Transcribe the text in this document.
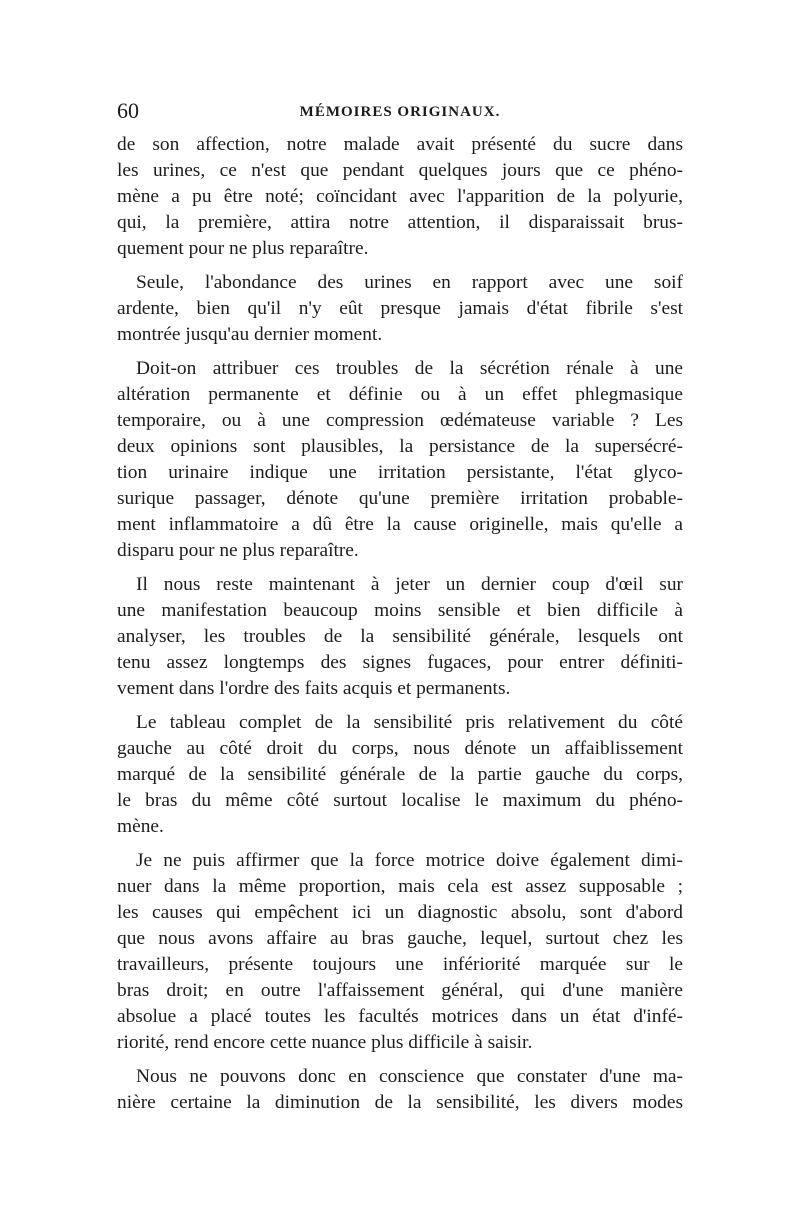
60	MÉMOIRES ORIGINAUX.
de son affection, notre malade avait présenté du sucre dans
les urines, ce n'est que pendant quelques jours que ce phéno-
mène a pu être noté; coïncidant avec l'apparition de la polyurie,
qui, la première, attira notre attention, il disparaissait brus-
quement pour ne plus reparaître.
Seule, l'abondance des urines en rapport avec une soif
ardente, bien qu'il n'y eût presque jamais d'état fibrile s'est
montrée jusqu'au dernier moment.
Doit-on attribuer ces troubles de la sécrétion rénale à une
altération permanente et définie ou à un effet phlegmasique
temporaire, ou à une compression œdémateuse variable ? Les
deux opinions sont plausibles, la persistance de la supersécré-
tion urinaire indique une irritation persistante, l'état glyco-
surique passager, dénote qu'une première irritation probable-
ment inflammatoire a dû être la cause originelle, mais qu'elle a
disparu pour ne plus reparaître.
Il nous reste maintenant à jeter un dernier coup d'œil sur
une manifestation beaucoup moins sensible et bien difficile à
analyser, les troubles de la sensibilité générale, lesquels ont
tenu assez longtemps des signes fugaces, pour entrer définiti-
vement dans l'ordre des faits acquis et permanents.
Le tableau complet de la sensibilité pris relativement du côté
gauche au côté droit du corps, nous dénote un affaiblissement
marqué de la sensibilité générale de la partie gauche du corps,
le bras du même côté surtout localise le maximum du phéno-
mène.
Je ne puis affirmer que la force motrice doive également dimi-
nuer dans la même proportion, mais cela est assez supposable ;
les causes qui empêchent ici un diagnostic absolu, sont d'abord
que nous avons affaire au bras gauche, lequel, surtout chez les
travailleurs, présente toujours une infériorité marquée sur le
bras droit; en outre l'affaissement général, qui d'une manière
absolue a placé toutes les facultés motrices dans un état d'infé-
riorité, rend encore cette nuance plus difficile à saisir.
Nous ne pouvons donc en conscience que constater d'une ma-
nière certaine la diminution de la sensibilité, les divers modes
